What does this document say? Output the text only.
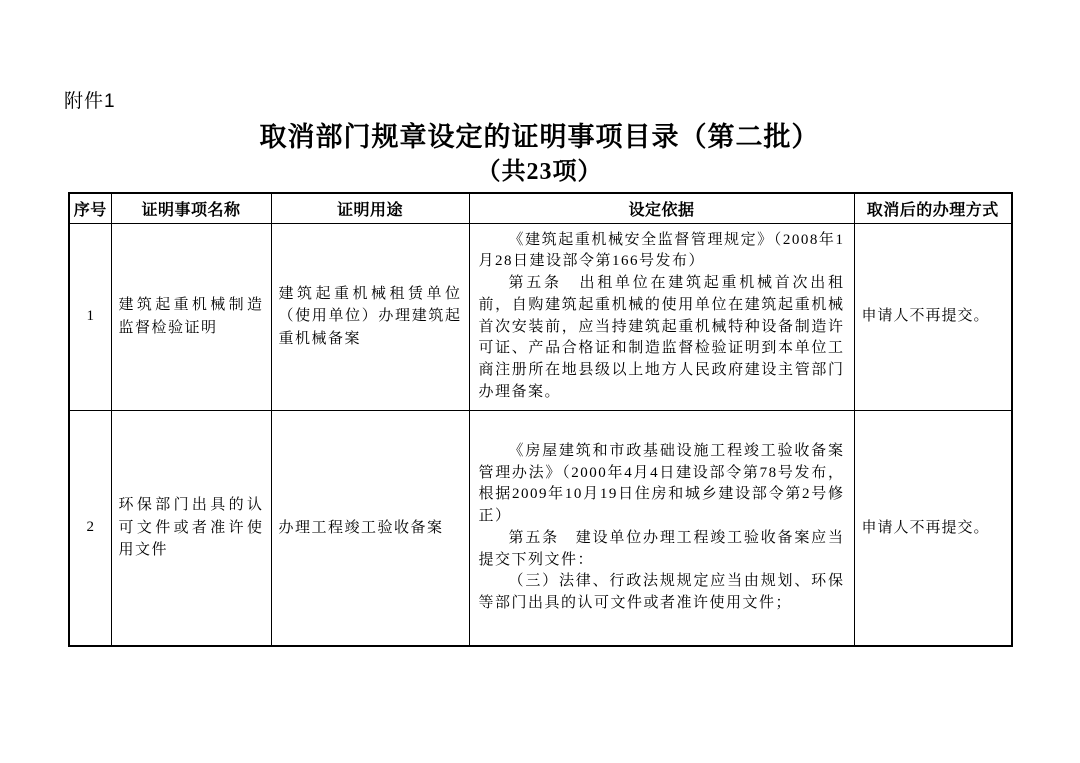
附件1
取消部门规章设定的证明事项目录（第二批）
（共23项）
序号	证明事项名称	证明用途	设定依据	取消后的办理方式
1	建筑起重机械制造监督检验证明	建筑起重机械租赁单位（使用单位）办理建筑起重机械备案	《建筑起重机械安全监督管理规定》（2008年1月28日建设部令第166号发布）

第五条　出租单位在建筑起重机械首次出租前，自购建筑起重机械的使用单位在建筑起重机械首次安装前，应当持建筑起重机械特种设备制造许可证、产品合格证和制造监督检验证明到本单位工商注册所在地县级以上地方人民政府建设主管部门办理备案。	申请人不再提交。
2	环保部门出具的认可文件或者准许使用文件	办理工程竣工验收备案	《房屋建筑和市政基础设施工程竣工验收备案管理办法》（2000年4月4日建设部令第78号发布，根据2009年10月19日住房和城乡建设部令第2号修正）

第五条　建设单位办理工程竣工验收备案应当提交下列文件：

（三）法律、行政法规规定应当由规划、环保等部门出具的认可文件或者准许使用文件；	申请人不再提交。
